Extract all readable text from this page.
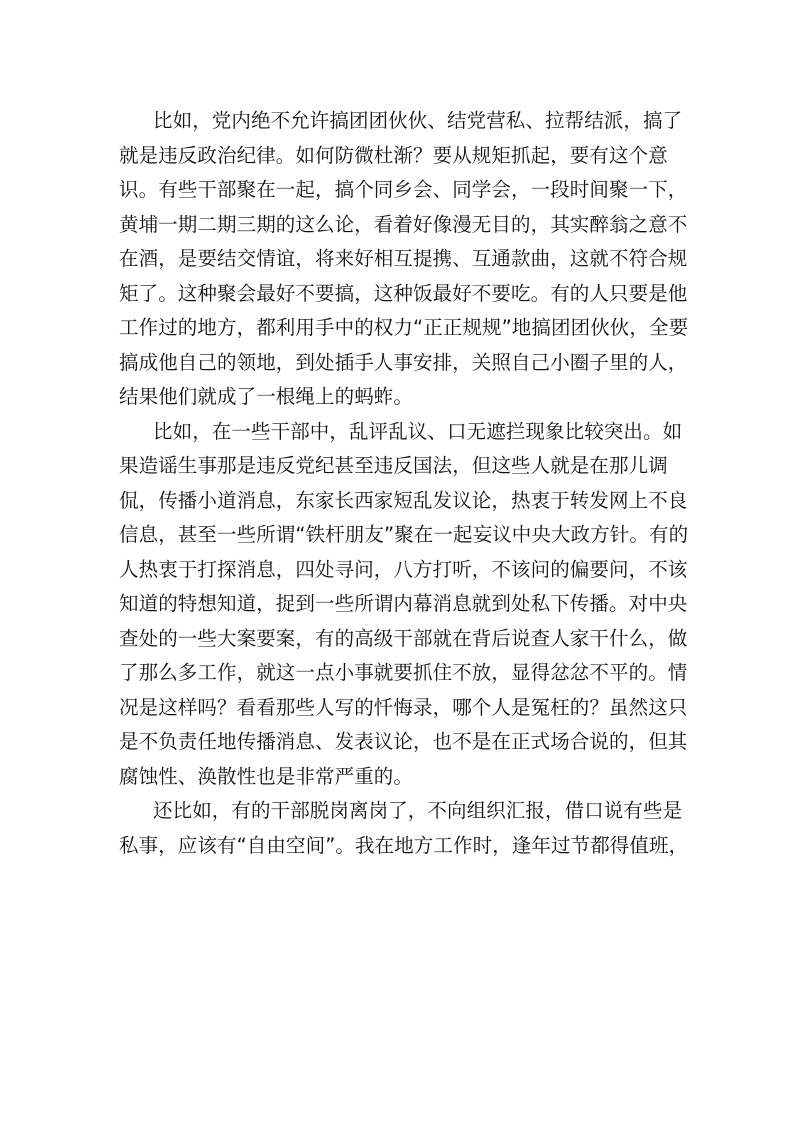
比如，党内绝不允许搞团团伙伙、结党营私、拉帮结派，搞了
就是违反政治纪律。如何防微杜渐？要从规矩抓起，要有这个意
识。有些干部聚在一起，搞个同乡会、同学会，一段时间聚一下，
黄埔一期二期三期的这么论，看着好像漫无目的，其实醉翁之意不
在酒，是要结交情谊，将来好相互提携、互通款曲，这就不符合规
矩了。这种聚会最好不要搞，这种饭最好不要吃。有的人只要是他
工作过的地方，都利用手中的权力“正正规规”地搞团团伙伙，全要
搞成他自己的领地，到处插手人事安排，关照自己小圈子里的人，
结果他们就成了一根绳上的蚂蚱。
比如，在一些干部中，乱评乱议、口无遮拦现象比较突出。如
果造谣生事那是违反党纪甚至违反国法，但这些人就是在那儿调
侃，传播小道消息，东家长西家短乱发议论，热衷于转发网上不良
信息，甚至一些所谓“铁杆朋友”聚在一起妄议中央大政方针。有的
人热衷于打探消息，四处寻问，八方打听，不该问的偏要问，不该
知道的特想知道，捉到一些所谓内幕消息就到处私下传播。对中央
查处的一些大案要案，有的高级干部就在背后说查人家干什么，做
了那么多工作，就这一点小事就要抓住不放，显得忿忿不平的。情
况是这样吗？看看那些人写的忏悔录，哪个人是冤枉的？虽然这只
是不负责任地传播消息、发表议论，也不是在正式场合说的，但其
腐蚀性、涣散性也是非常严重的。
还比如，有的干部脱岗离岗了，不向组织汇报，借口说有些是
私事，应该有“自由空间”。我在地方工作时，逢年过节都得值班，
